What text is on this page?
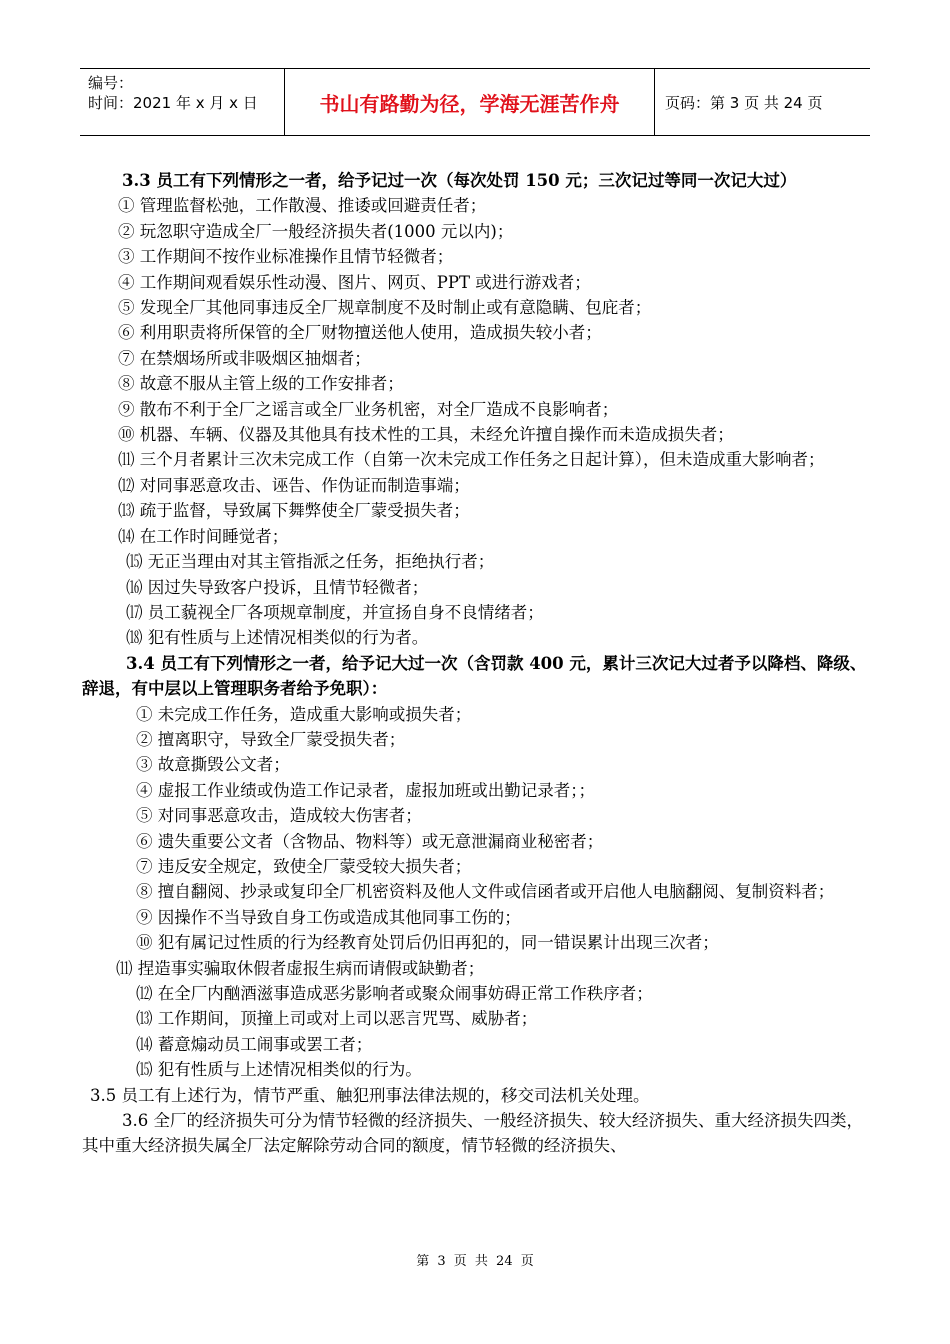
编号：
时间：2021 年 x 月 x 日	书山有路勤为径，学海无涯苦作舟	页码：第 3 页 共 24 页
3.3 员工有下列情形之一者，给予记过一次（每次处罚 150 元；三次记过等同一次记大过）
① 管理监督松弛，工作散漫、推诿或回避责任者；
② 玩忽职守造成全厂一般经济损失者(1000 元以内)；
③ 工作期间不按作业标准操作且情节轻微者；
④ 工作期间观看娱乐性动漫、图片、网页、PPT 或进行游戏者；
⑤ 发现全厂其他同事违反全厂规章制度不及时制止或有意隐瞒、包庇者；
⑥ 利用职责将所保管的全厂财物擅送他人使用，造成损失较小者；
⑦ 在禁烟场所或非吸烟区抽烟者；
⑧ 故意不服从主管上级的工作安排者；
⑨ 散布不利于全厂之谣言或全厂业务机密，对全厂造成不良影响者；
⑩ 机器、车辆、仪器及其他具有技术性的工具，未经允许擅自操作而未造成损失者；
⑾ 三个月者累计三次未完成工作（自第一次未完成工作任务之日起计算），但未造成重大影响者；
⑿ 对同事恶意攻击、诬告、作伪证而制造事端；
⒀ 疏于监督，导致属下舞弊使全厂蒙受损失者；
⒁ 在工作时间睡觉者；
⒂ 无正当理由对其主管指派之任务，拒绝执行者；
⒃ 因过失导致客户投诉，且情节轻微者；
⒄ 员工藐视全厂各项规章制度，并宣扬自身不良情绪者；
⒅ 犯有性质与上述情况相类似的行为者。
3.4 员工有下列情形之一者，给予记大过一次（含罚款 400 元，累计三次记大过者予以降档、降级、辞退，有中层以上管理职务者给予免职）：
① 未完成工作任务，造成重大影响或损失者；
② 擅离职守，导致全厂蒙受损失者；
③ 故意撕毁公文者；
④ 虚报工作业绩或伪造工作记录者，虚报加班或出勤记录者；；
⑤ 对同事恶意攻击，造成较大伤害者；
⑥ 遗失重要公文者（含物品、物料等）或无意泄漏商业秘密者；
⑦ 违反安全规定，致使全厂蒙受较大损失者；
⑧ 擅自翻阅、抄录或复印全厂机密资料及他人文件或信函者或开启他人电脑翻阅、复制资料者；
⑨ 因操作不当导致自身工伤或造成其他同事工伤的；
⑩ 犯有属记过性质的行为经教育处罚后仍旧再犯的，同一错误累计出现三次者；
⑾ 捏造事实骗取休假者虚报生病而请假或缺勤者；
⑿ 在全厂内酗酒滋事造成恶劣影响者或聚众闹事妨碍正常工作秩序者；
⒀ 工作期间，顶撞上司或对上司以恶言咒骂、威胁者；
⒁ 蓄意煽动员工闹事或罢工者；
⒂ 犯有性质与上述情况相类似的行为。
3.5 员工有上述行为，情节严重、触犯刑事法律法规的，移交司法机关处理。
3.6 全厂的经济损失可分为情节轻微的经济损失、一般经济损失、较大经济损失、重大经济损失四类，其中重大经济损失属全厂法定解除劳动合同的额度，情节轻微的经济损失、
第 3 页 共 24 页
